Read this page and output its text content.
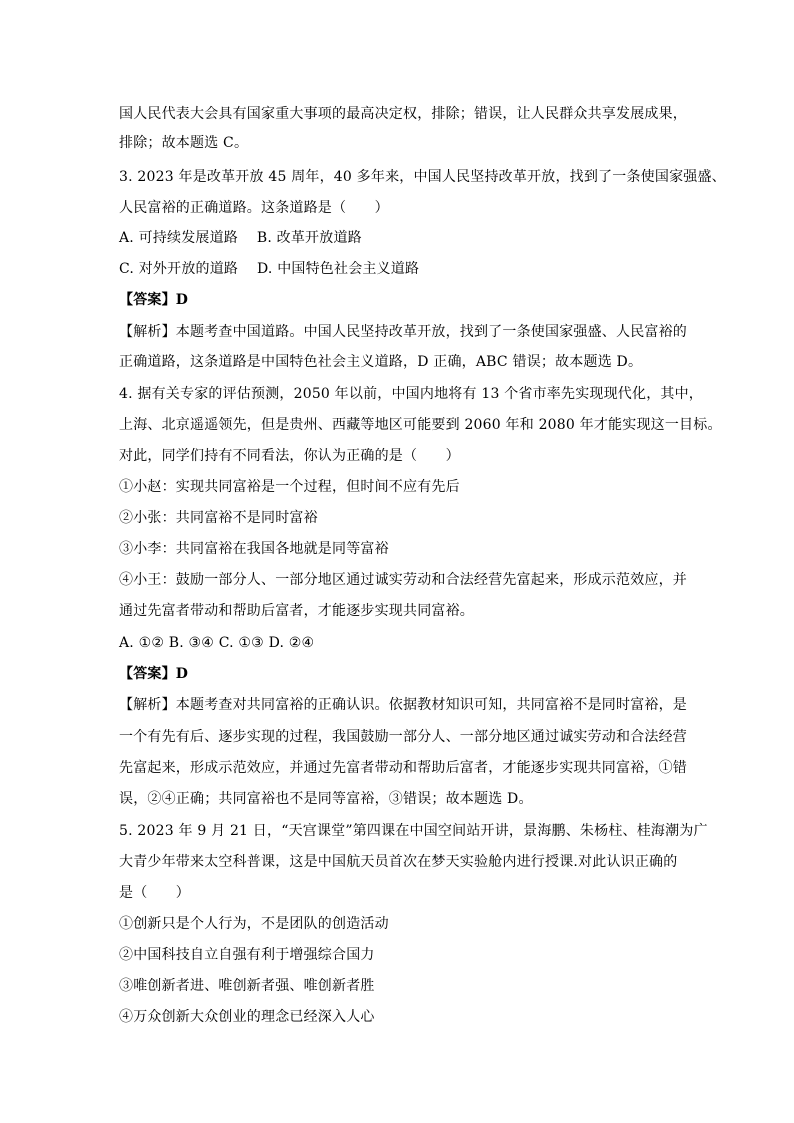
国人民代表大会具有国家重大事项的最高决定权，排除；错误，让人民群众共享发展成果，
排除；故本题选 C。
3. 2023 年是改革开放 45 周年，40 多年来，中国人民坚持改革开放，找到了一条使国家强盛、
人民富裕的正确道路。这条道路是（　　）
A. 可持续发展道路　 B. 改革开放道路
C. 对外开放的道路　 D. 中国特色社会主义道路
【答案】D
【解析】本题考查中国道路。中国人民坚持改革开放，找到了一条使国家强盛、人民富裕的
正确道路，这条道路是中国特色社会主义道路，D 正确，ABC 错误；故本题选 D。
4. 据有关专家的评估预测，2050 年以前，中国内地将有 13 个省市率先实现现代化，其中，
上海、北京遥遥领先，但是贵州、西藏等地区可能要到 2060 年和 2080 年才能实现这一目标。
对此，同学们持有不同看法，你认为正确的是（　　）
①小赵：实现共同富裕是一个过程，但时间不应有先后
②小张：共同富裕不是同时富裕
③小李：共同富裕在我国各地就是同等富裕
④小王：鼓励一部分人、一部分地区通过诚实劳动和合法经营先富起来，形成示范效应，并
通过先富者带动和帮助后富者，才能逐步实现共同富裕。
A. ①② B. ③④ C. ①③ D. ②④
【答案】D
【解析】本题考查对共同富裕的正确认识。依据教材知识可知，共同富裕不是同时富裕，是
一个有先有后、逐步实现的过程，我国鼓励一部分人、一部分地区通过诚实劳动和合法经营
先富起来，形成示范效应，并通过先富者带动和帮助后富者，才能逐步实现共同富裕，①错
误，②④正确；共同富裕也不是同等富裕，③错误；故本题选 D。
5. 2023 年 9 月 21 日，“天宫课堂”第四课在中国空间站开讲，景海鹏、朱杨柱、桂海潮为广
大青少年带来太空科普课，这是中国航天员首次在梦天实验舱内进行授课.对此认识正确的
是（　　）
①创新只是个人行为，不是团队的创造活动
②中国科技自立自强有利于增强综合国力
③唯创新者进、唯创新者强、唯创新者胜
④万众创新大众创业的理念已经深入人心
